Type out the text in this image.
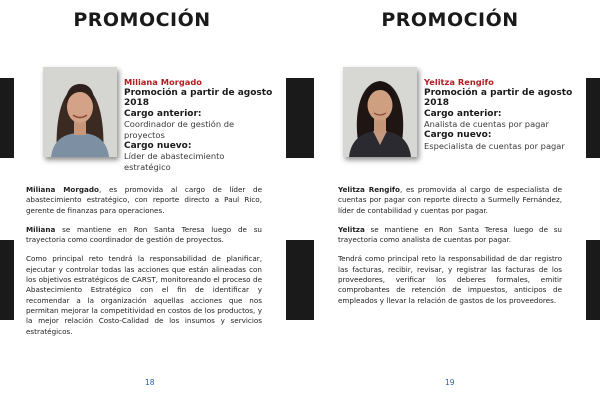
PROMOCIÓN
Miliana Morgado
Promoción a partir de agosto 2018
Cargo anterior:
Coordinador de gestión de proyectos
Cargo nuevo:
Líder de abastecimiento estratégico

Miliana Morgado, es promovida al cargo de líder de abastecimiento estratégico, con reporte directo a Paul Rico, gerente de finanzas para operaciones.

Miliana se mantiene en Ron Santa Teresa luego de su trayectoria como coordinador de gestión de proyectos.

Como principal reto tendrá la responsabilidad de planificar, ejecutar y controlar todas las acciones que están alineadas con los objetivos estratégicos de CARST, monitoreando el proceso de Abastecimiento Estratégico con el fin de identificar y recomendar a la organización aquellas acciones que nos permitan mejorar la competitividad en costos de los productos, y la mejor relación Costo-Calidad de los insumos y servicios estratégicos.

18
PROMOCIÓN
Yelitza Rengifo
Promoción a partir de agosto 2018
Cargo anterior:
Analista de cuentas por pagar
Cargo nuevo:
Especialista de cuentas por pagar

Yelitza Rengifo, es promovida al cargo de especialista de cuentas por pagar con reporte directo a Surmelly Fernández, líder de contabilidad y cuentas por pagar.

Yelitza se mantiene en Ron Santa Teresa luego de su trayectoria como analista de cuentas por pagar.

Tendrá como principal reto la responsabilidad de dar registro las facturas, recibir, revisar, y registrar las facturas de los proveedores, verificar los deberes formales, emitir comprobantes de retención de impuestos, anticipos de empleados y llevar la relación de gastos de los proveedores.

19
